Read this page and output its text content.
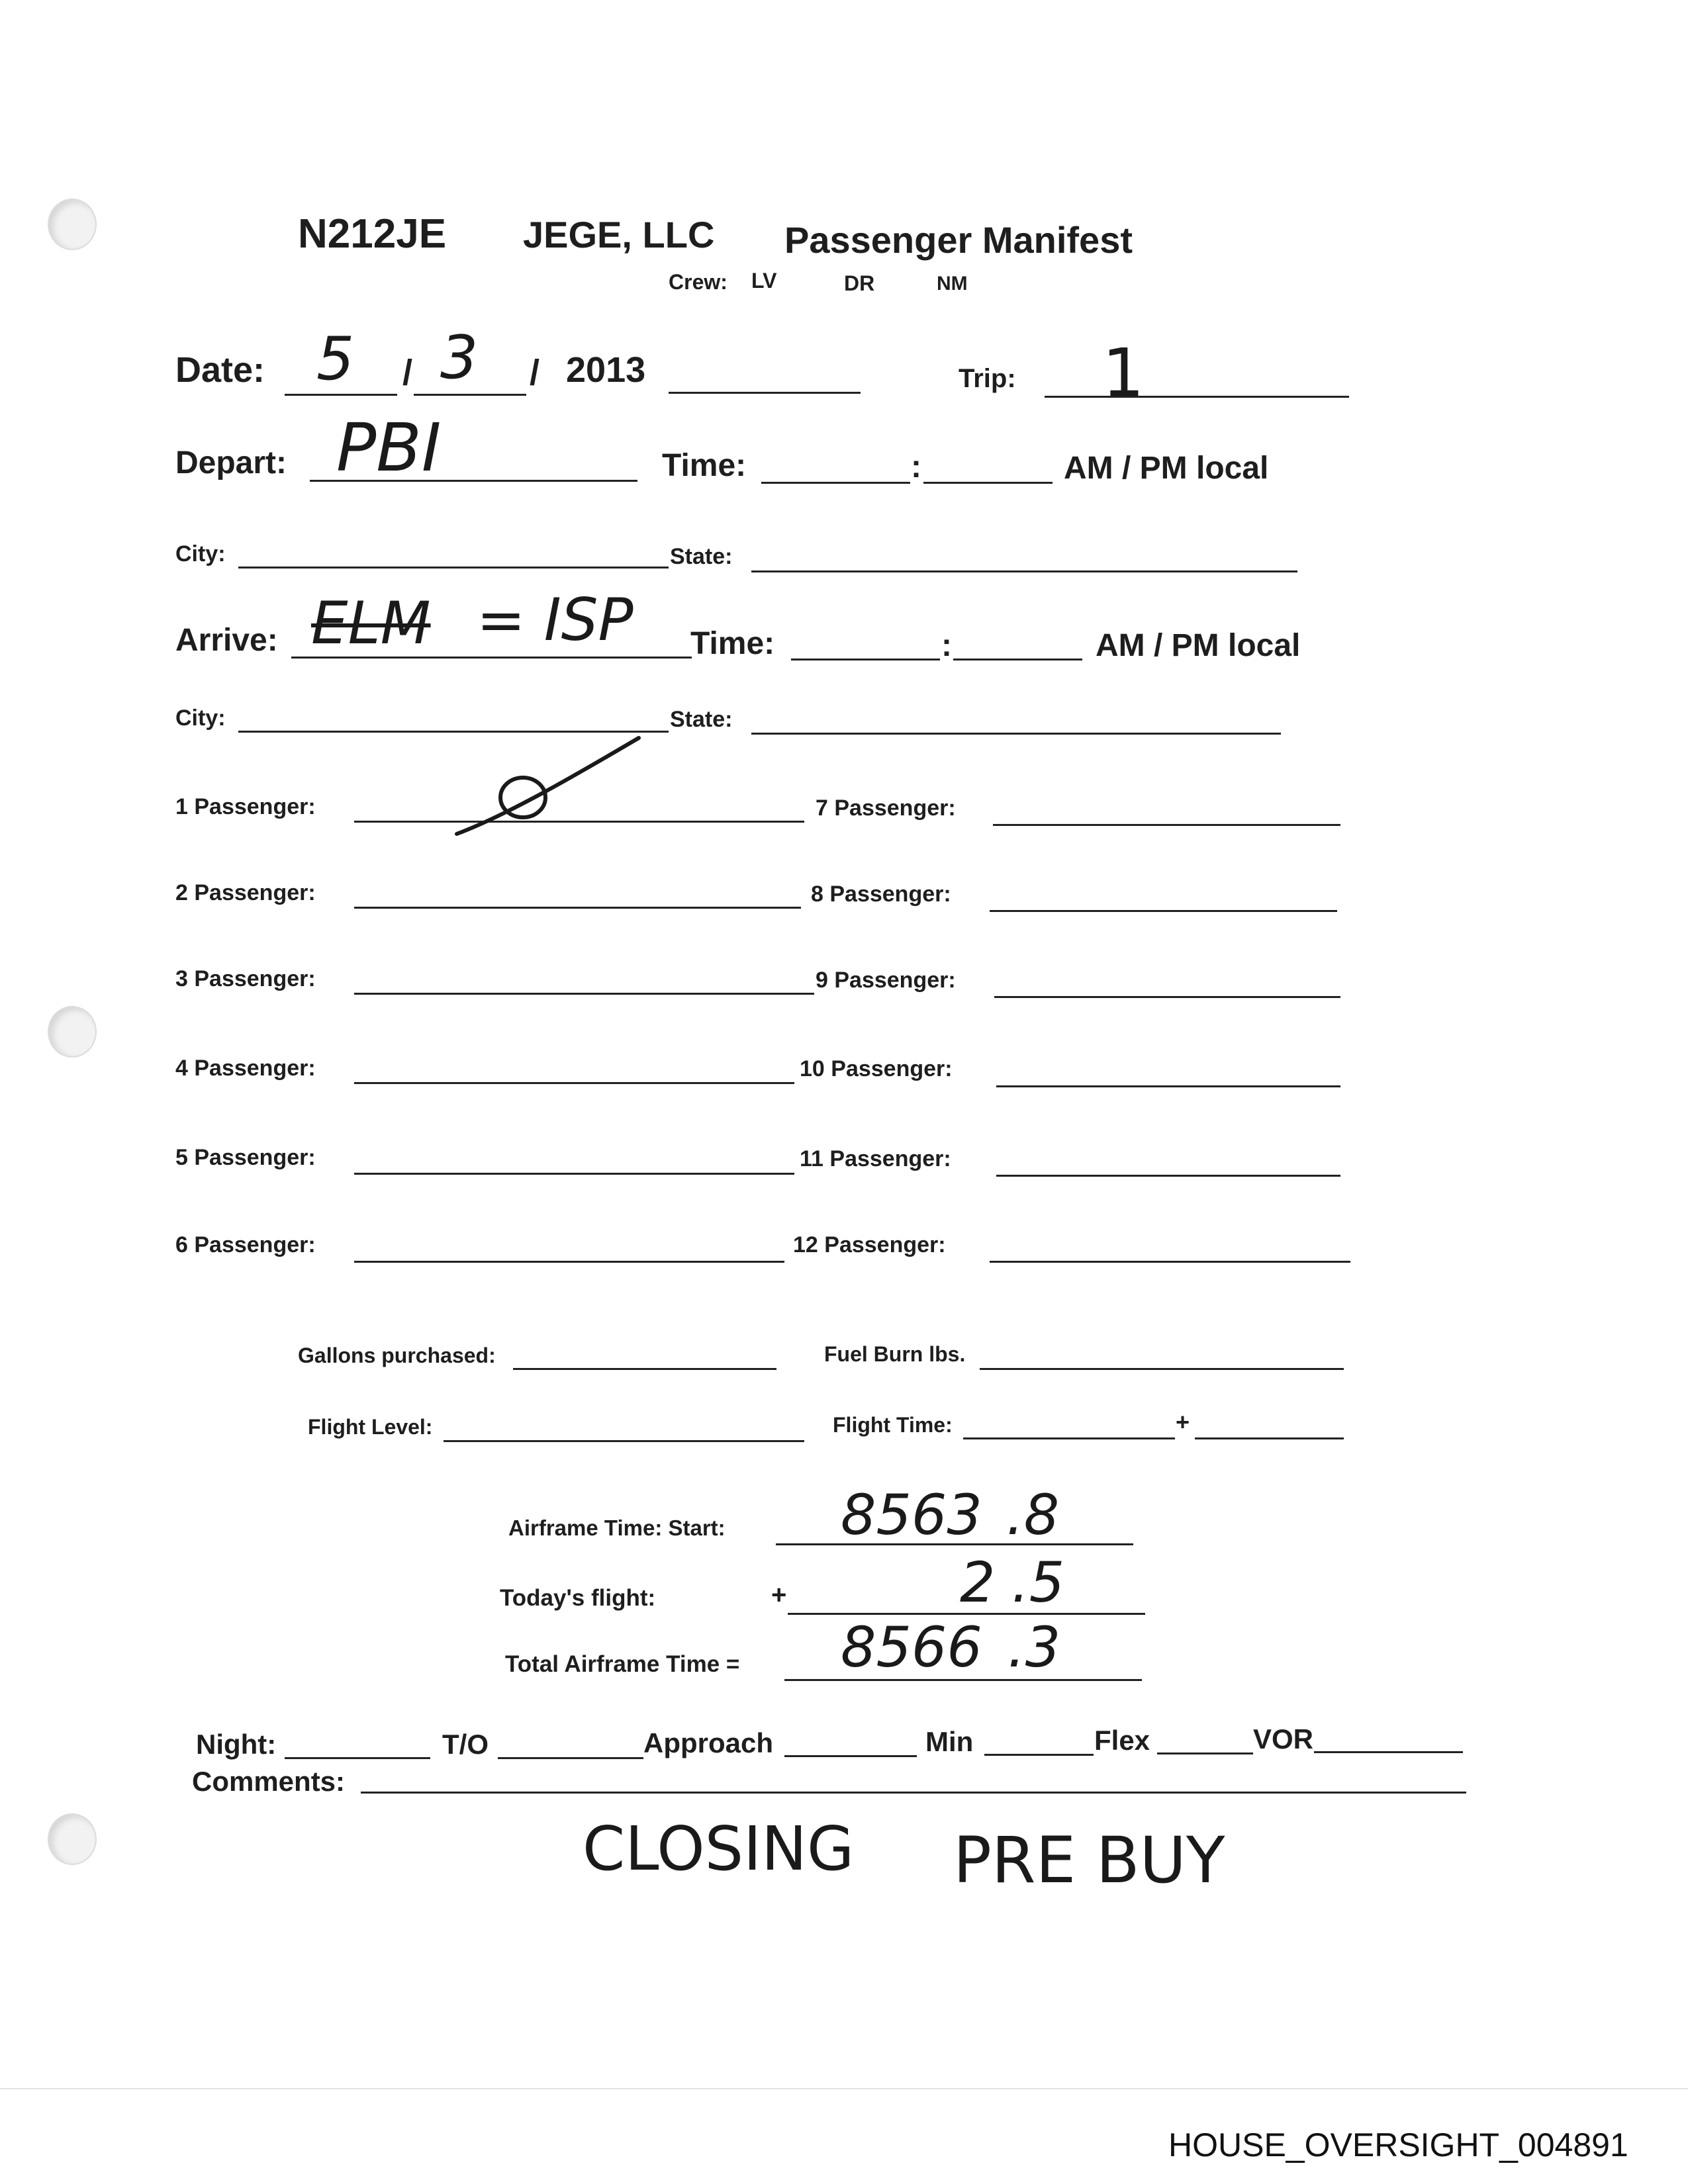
N212JE JEGE, LLC Passenger Manifest
Crew: LV	DR	NM
Date: 5 / 3 / 2013	Trip: 1
Depart: PBI	Time:	:	AM / PM local
City:	State:
Arrive: ELM = ISP Time:	:	AM / PM local
City:	State:
1 Passenger:
2 Passenger:
3 Passenger:
4 Passenger:
5 Passenger:
6 Passenger:
7 Passenger:
8 Passenger:
9 Passenger:
10 Passenger:
11 Passenger:
12 Passenger:
Gallons purchased:	Fuel Burn lbs.
Flight Level:	Flight Time:	+
Airframe Time: Start: 8563 .8
Today's flight:	+	2 .5
Total Airframe Time = 8566 .3
Night:	T/O	Approach	Min	Flex	VOR
Comments:
CLOSING PRE BUY
HOUSE_OVERSIGHT_004891
